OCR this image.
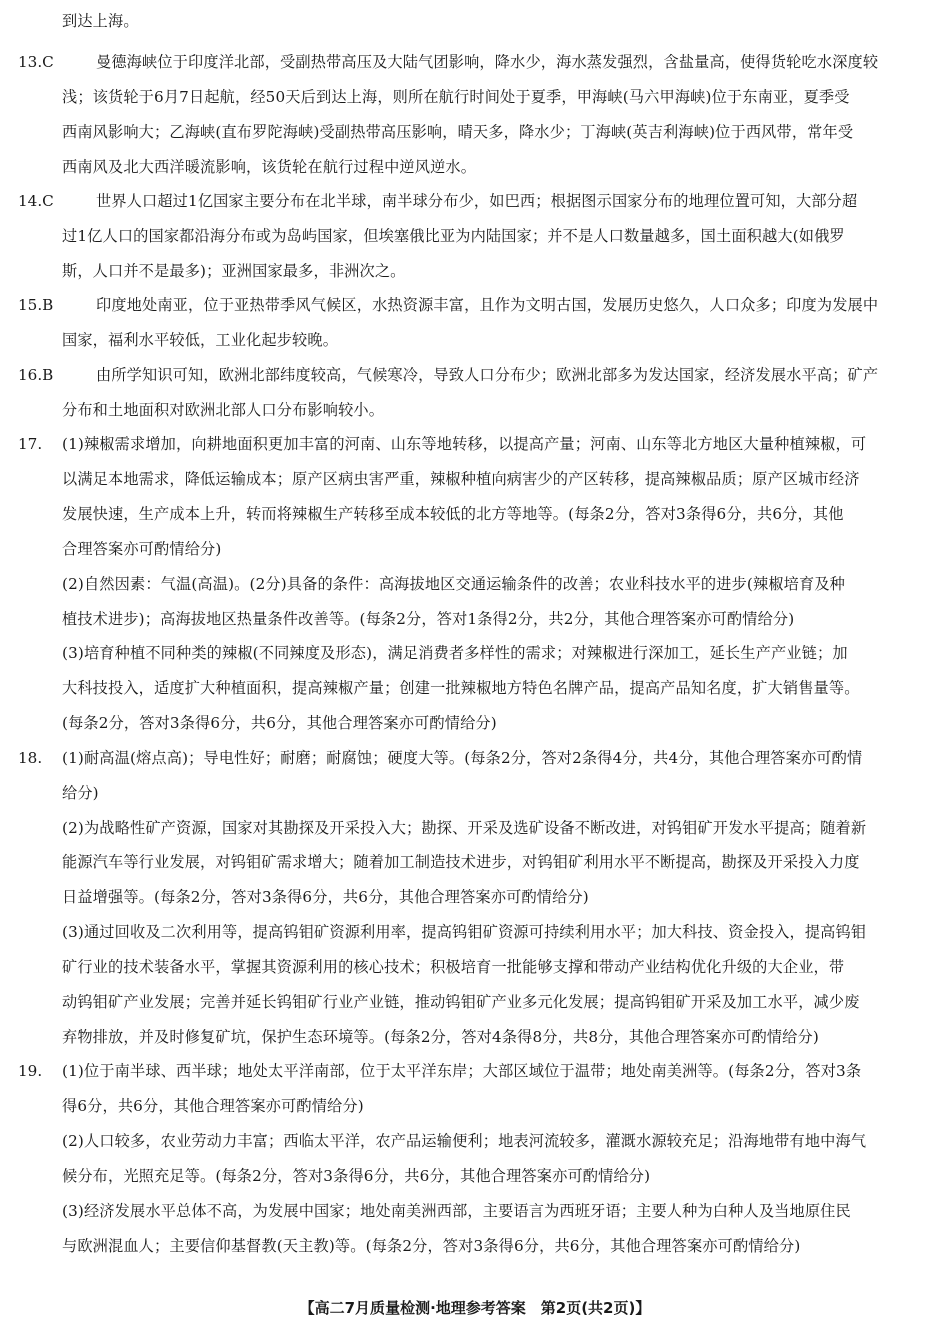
到达上海。
13.C	曼德海峡位于印度洋北部，受副热带高压及大陆气团影响，降水少，海水蒸发强烈，含盐量高，使得货轮吃水深度较
浅；该货轮于6月7日起航，经50天后到达上海，则所在航行时间处于夏季，甲海峡(马六甲海峡)位于东南亚，夏季受
西南风影响大；乙海峡(直布罗陀海峡)受副热带高压影响，晴天多，降水少；丁海峡(英吉利海峡)位于西风带，常年受
西南风及北大西洋暖流影响，该货轮在航行过程中逆风逆水。
14.C	世界人口超过1亿国家主要分布在北半球，南半球分布少，如巴西；根据图示国家分布的地理位置可知，大部分超
过1亿人口的国家都沿海分布或为岛屿国家，但埃塞俄比亚为内陆国家；并不是人口数量越多，国土面积越大(如俄罗
斯，人口并不是最多)；亚洲国家最多，非洲次之。
15.B	印度地处南亚，位于亚热带季风气候区，水热资源丰富，且作为文明古国，发展历史悠久，人口众多；印度为发展中
国家，福利水平较低，工业化起步较晚。
16.B	由所学知识可知，欧洲北部纬度较高，气候寒冷，导致人口分布少；欧洲北部多为发达国家，经济发展水平高；矿产
分布和土地面积对欧洲北部人口分布影响较小。
17. (1)辣椒需求增加，向耕地面积更加丰富的河南、山东等地转移，以提高产量；河南、山东等北方地区大量种植辣椒，可
以满足本地需求，降低运输成本；原产区病虫害严重，辣椒种植向病害少的产区转移，提高辣椒品质；原产区城市经济
发展快速，生产成本上升，转而将辣椒生产转移至成本较低的北方等地等。(每条2分，答对3条得6分，共6分，其他
合理答案亦可酌情给分)
(2)自然因素：气温(高温)。(2分)具备的条件：高海拔地区交通运输条件的改善；农业科技水平的进步(辣椒培育及种
植技术进步)；高海拔地区热量条件改善等。(每条2分，答对1条得2分，共2分，其他合理答案亦可酌情给分)
(3)培育种植不同种类的辣椒(不同辣度及形态)，满足消费者多样性的需求；对辣椒进行深加工，延长生产产业链；加
大科技投入，适度扩大种植面积，提高辣椒产量；创建一批辣椒地方特色名牌产品，提高产品知名度，扩大销售量等。
(每条2分，答对3条得6分，共6分，其他合理答案亦可酌情给分)
18. (1)耐高温(熔点高)；导电性好；耐磨；耐腐蚀；硬度大等。(每条2分，答对2条得4分，共4分，其他合理答案亦可酌情
给分)
(2)为战略性矿产资源，国家对其勘探及开采投入大；勘探、开采及选矿设备不断改进，对钨钼矿开发水平提高；随着新
能源汽车等行业发展，对钨钼矿需求增大；随着加工制造技术进步，对钨钼矿利用水平不断提高，勘探及开采投入力度
日益增强等。(每条2分，答对3条得6分，共6分，其他合理答案亦可酌情给分)
(3)通过回收及二次利用等，提高钨钼矿资源利用率，提高钨钼矿资源可持续利用水平；加大科技、资金投入，提高钨钼
矿行业的技术装备水平，掌握其资源利用的核心技术；积极培育一批能够支撑和带动产业结构优化升级的大企业，带
动钨钼矿产业发展；完善并延长钨钼矿行业产业链，推动钨钼矿产业多元化发展；提高钨钼矿开采及加工水平，减少废
弃物排放，并及时修复矿坑，保护生态环境等。(每条2分，答对4条得8分，共8分，其他合理答案亦可酌情给分)
19. (1)位于南半球、西半球；地处太平洋南部，位于太平洋东岸；大部区域位于温带；地处南美洲等。(每条2分，答对3条
得6分，共6分，其他合理答案亦可酌情给分)
(2)人口较多，农业劳动力丰富；西临太平洋，农产品运输便利；地表河流较多，灌溉水源较充足；沿海地带有地中海气
候分布，光照充足等。(每条2分，答对3条得6分，共6分，其他合理答案亦可酌情给分)
(3)经济发展水平总体不高，为发展中国家；地处南美洲西部，主要语言为西班牙语；主要人种为白种人及当地原住民
与欧洲混血人；主要信仰基督教(天主教)等。(每条2分，答对3条得6分，共6分，其他合理答案亦可酌情给分)
【高二7月质量检测·地理参考答案　第2页(共2页)】
